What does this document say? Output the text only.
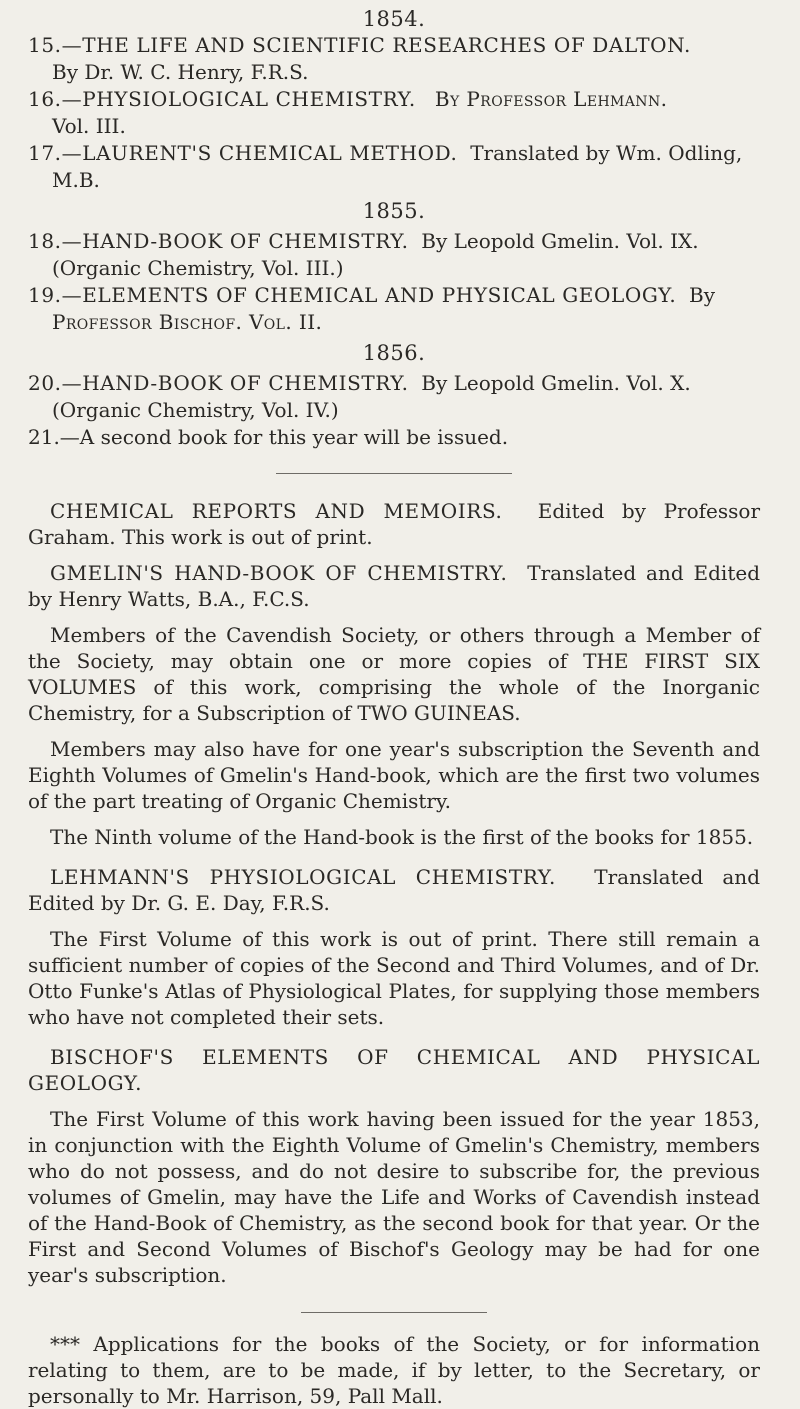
1854.

15.—THE LIFE AND SCIENTIFIC RESEARCHES OF DALTON.
By Dr. W. C. Henry, F.R.S.

16.—PHYSIOLOGICAL CHEMISTRY. By Professor Lehmann.
Vol. III.

17.—LAURENT'S CHEMICAL METHOD. Translated by Wm. Odling,
M.B.

1855.

18.—HAND-BOOK OF CHEMISTRY. By Leopold Gmelin. Vol. IX.
(Organic Chemistry, Vol. III.)

19.—ELEMENTS OF CHEMICAL AND PHYSICAL GEOLOGY. By
Professor Bischof. Vol. II.

1856.

20.—HAND-BOOK OF CHEMISTRY. By Leopold Gmelin. Vol. X.
(Organic Chemistry, Vol. IV.)

21.—A second book for this year will be issued.

CHEMICAL REPORTS AND MEMOIRS. Edited by Professor Graham. This work is out of print.

GMELIN'S HAND-BOOK OF CHEMISTRY. Translated and Edited by Henry Watts, B.A., F.C.S.

Members of the Cavendish Society, or others through a Member of the Society, may obtain one or more copies of THE FIRST SIX VOLUMES of this work, comprising the whole of the Inorganic Chemistry, for a Subscription of TWO GUINEAS.

Members may also have for one year's subscription the Seventh and Eighth Volumes of Gmelin's Hand-book, which are the first two volumes of the part treating of Organic Chemistry.

The Ninth volume of the Hand-book is the first of the books for 1855.

LEHMANN'S PHYSIOLOGICAL CHEMISTRY. Translated and Edited by Dr. G. E. Day, F.R.S.

The First Volume of this work is out of print. There still remain a sufficient number of copies of the Second and Third Volumes, and of Dr. Otto Funke's Atlas of Physiological Plates, for supplying those members who have not completed their sets.

BISCHOF'S ELEMENTS OF CHEMICAL AND PHYSICAL GEOLOGY.

The First Volume of this work having been issued for the year 1853, in conjunction with the Eighth Volume of Gmelin's Chemistry, members who do not possess, and do not desire to subscribe for, the previous volumes of Gmelin, may have the Life and Works of Cavendish instead of the Hand-Book of Chemistry, as the second book for that year. Or the First and Second Volumes of Bischof's Geology may be had for one year's subscription.

*** Applications for the books of the Society, or for information relating to them, are to be made, if by letter, to the Secretary, or personally to Mr. Harrison, 59, Pall Mall.
